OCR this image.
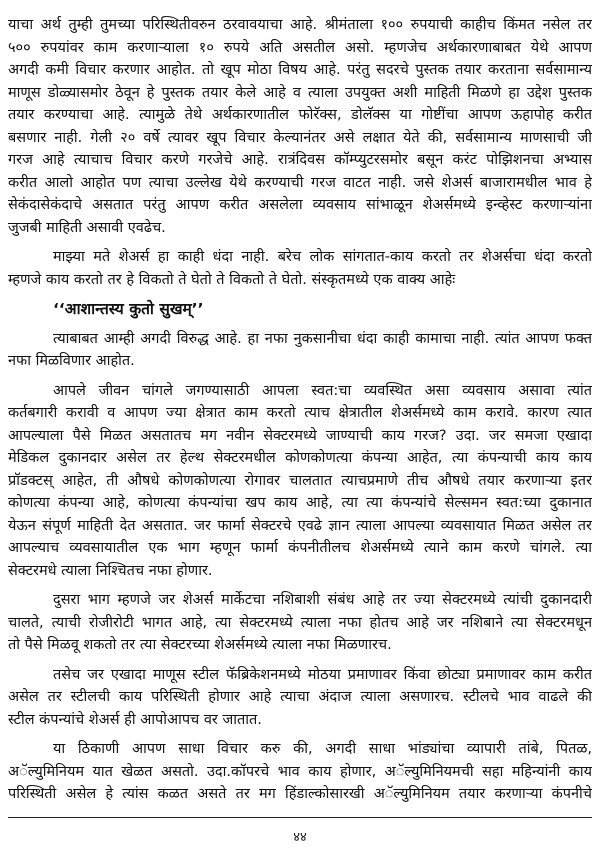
याचा अर्थ तुम्ही तुमच्या परिस्थितीवरुन ठरवावयाचा आहे. श्रीमंताला १०० रुपयाची काहीच किंमत नसेल तर
५०० रुपयांवर काम करणाऱ्याला १० रुपये अति असतील असो. म्हणजेच अर्थकारणाबाबत येथे आपण
अगदी कमी विचार करणार आहोत. तो खूप मोठा विषय आहे. परंतु सदरचे पुस्तक तयार करताना सर्वसामान्य
माणूस डोळ्यासमोर ठेवून हे पुस्तक तयार केले आहे व त्याला उपयुक्त अशी माहिती मिळणे हा उद्देश पुस्तक
तयार करण्याचा आहे. त्यामुळे तेथे अर्थकारणातील फोरॅक्स, डोलॅक्स या गोष्टींचा आपण ऊहापोह करीत
बसणार नाही. गेली २० वर्षे त्यावर खूप विचार केल्यानंतर असे लक्षात येते की, सर्वसामान्य माणसाची जी
गरज आहे त्याचाच विचार करणे गरजेचे आहे. रात्रंदिवस कॉम्प्युटरसमोर बसून करंट पोझिशनचा अभ्यास
करीत आलो आहोत पण त्याचा उल्लेख येथे करण्याची गरज वाटत नाही. जसे शेअर्स बाजारामधील भाव हे
सेकंदासेकंदाचे असतात परंतु आपण करीत असलेला व्यवसाय सांभाळून शेअर्समध्ये इन्व्हेस्ट करणाऱ्यांना
जुजबी माहिती असावी एवढेच.
माझ्या मते शेअर्स हा काही धंदा नाही. बरेच लोक सांगतात-काय करतो तर शेअर्सचा धंदा करतो
म्हणजे काय करतो तर हे विकतो ते घेतो ते विकतो ते घेतो. संस्कृतमध्ये एक वाक्य आहेः
‘‘आशान्तस्य कुतो सुखम्’’
त्याबाबत आम्ही अगदी विरुद्ध आहे. हा नफा नुकसानीचा धंदा काही कामाचा नाही. त्यांत आपण फक्त
नफा मिळविणार आहोत.
आपले जीवन चांगले जगण्यासाठी आपला स्वत:चा व्यवस्थित असा व्यवसाय असावा त्यांत
कर्तबगारी करावी व आपण ज्या क्षेत्रात काम करतो त्याच क्षेत्रातील शेअर्समध्ये काम करावे. कारण त्यात
आपल्याला पैसे मिळत असतातच मग नवीन सेक्टरमध्ये जाण्याची काय गरज? उदा. जर समजा एखादा
मेडिकल दुकानदार असेल तर हेल्थ सेक्टरमधील कोणकोणत्या कंपन्या आहेत, त्या कंपन्याची काय काय
प्रॉडक्टस् आहेत, ती औषधे कोणकोणत्या रोगावर चालतात त्याचप्रमाणे तीच औषधे तयार करणाऱ्या इतर
कोणत्या कंपन्या आहे, कोणत्या कंपन्यांचा खप काय आहे, त्या त्या कंपन्यांचे सेल्समन स्वत:च्या दुकानात
येऊन संपूर्ण माहिती देत असतात. जर फार्मा सेक्टरचे एवढे ज्ञान त्याला आपल्या व्यवसायात मिळत असेल तर
आपल्याच व्यवसायातील एक भाग म्हणून फार्मा कंपनीतीलच शेअर्समध्ये त्याने काम करणे चांगले. त्या
सेक्टरमधे त्याला निश्चितच नफा होणार.
दुसरा भाग म्हणजे जर शेअर्स मार्केटचा नशिबाशी संबंध आहे तर ज्या सेक्टरमध्ये त्यांची दुकानदारी
चालते, त्याची रोजीरोटी भागत आहे, त्या सेक्टरमध्ये त्याला नफा होतच आहे जर नशिबाने त्या सेक्टरमधून
तो पैसे मिळवू शकतो तर त्या सेक्टरच्या शेअर्समध्ये त्याला नफा मिळणारच.
तसेच जर एखादा माणूस स्टील फॅब्रिकेशनमध्ये मोठया प्रमाणावर किंवा छोट्या प्रमाणावर काम करीत
असेल तर स्टीलची काय परिस्थिती होणार आहे त्याचा अंदाज त्याला असणारच. स्टीलचे भाव वाढले की
स्टील कंपन्यांचे शेअर्स ही आपोआपच वर जातात.
या ठिकाणी आपण साधा विचार करु की, अगदी साधा भांड्यांचा व्यापारी तांबे, पितळ,
अॅल्युमिनियम यात खेळत असतो. उदा.कॉपरचे भाव काय होणार, अॅल्युमिनियमची सहा महिन्यांनी काय
परिस्थिती असेल हे त्यांस कळत असते तर मग हिंडाल्कोसारखी अॅल्युमिनियम तयार करणाऱ्या कंपनीचे
४४
